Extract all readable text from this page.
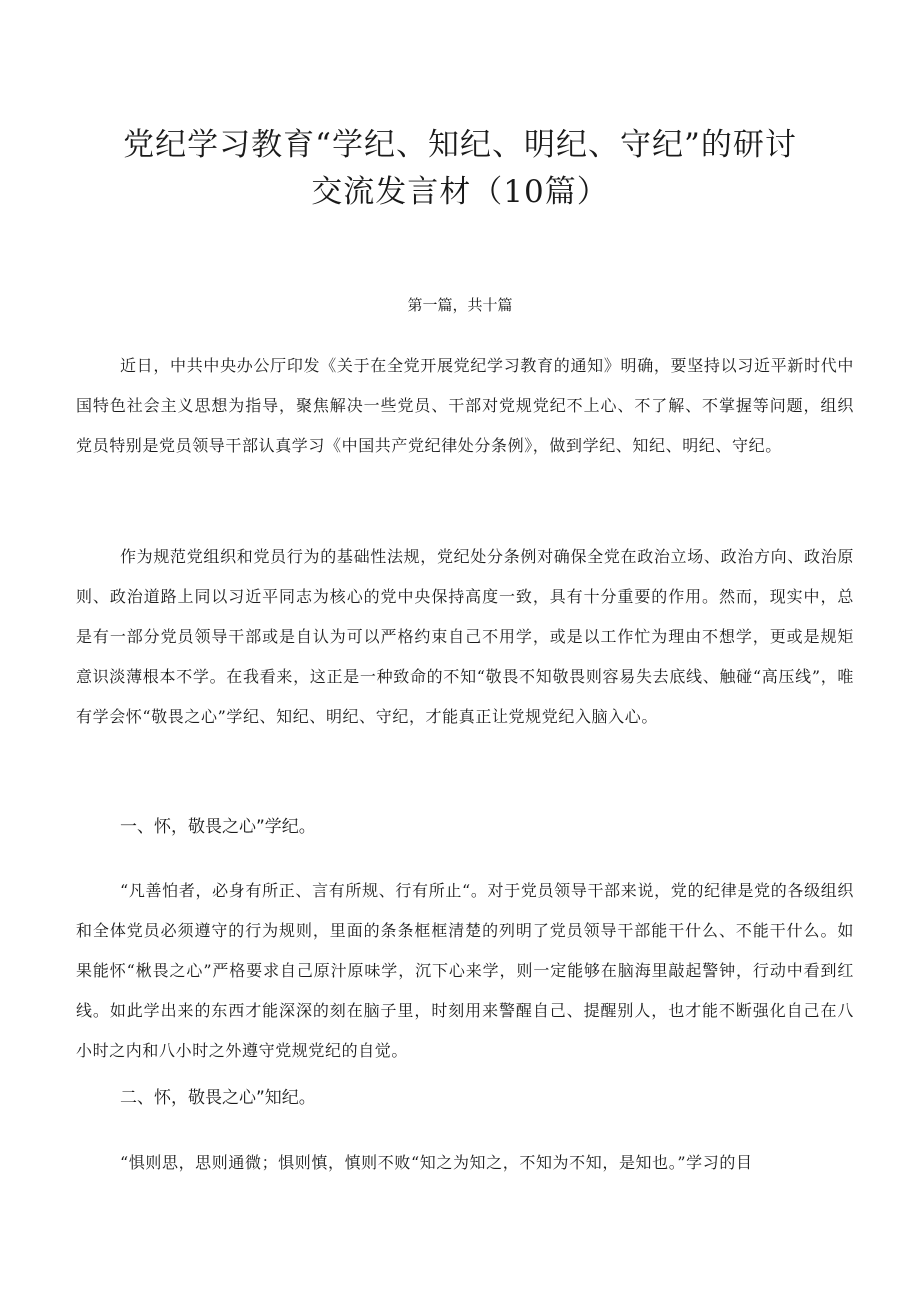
党纪学习教育“学纪、知纪、明纪、守纪”的研讨
交流发言材（10篇）

第一篇，共十篇

近日，中共中央办公厅印发《关于在全党开展党纪学习教育的通知》明确，要坚持以习近平新时代中国特色社会主义思想为指导，聚焦解决一些党员、干部对党规党纪不上心、不了解、不掌握等问题，组织党员特别是党员领导干部认真学习《中国共产党纪律处分条例》，做到学纪、知纪、明纪、守纪。

作为规范党组织和党员行为的基础性法规，党纪处分条例对确保全党在政治立场、政治方向、政治原则、政治道路上同以习近平同志为核心的党中央保持高度一致，具有十分重要的作用。然而，现实中，总是有一部分党员领导干部或是自认为可以严格约束自己不用学，或是以工作忙为理由不想学，更或是规矩意识淡薄根本不学。在我看来，这正是一种致命的不知“敬畏不知敬畏则容易失去底线、触碰“高压线”，唯有学会怀“敬畏之心”学纪、知纪、明纪、守纪，才能真正让党规党纪入脑入心。

一、怀，敬畏之心”学纪。

“凡善怕者，必身有所正、言有所规、行有所止“。对于党员领导干部来说，党的纪律是党的各级组织和全体党员必须遵守的行为规则，里面的条条框框清楚的列明了党员领导干部能干什么、不能干什么。如果能怀“楸畏之心”严格要求自己原汁原味学，沉下心来学，则一定能够在脑海里敲起警钟，行动中看到红线。如此学出来的东西才能深深的刻在脑子里，时刻用来警醒自己、提醒别人，也才能不断强化自己在八小时之内和八小时之外遵守党规党纪的自觉。

二、怀，敬畏之心”知纪。

“惧则思，思则通微；惧则慎，慎则不败“知之为知之，不知为不知，是知也。”学习的目
